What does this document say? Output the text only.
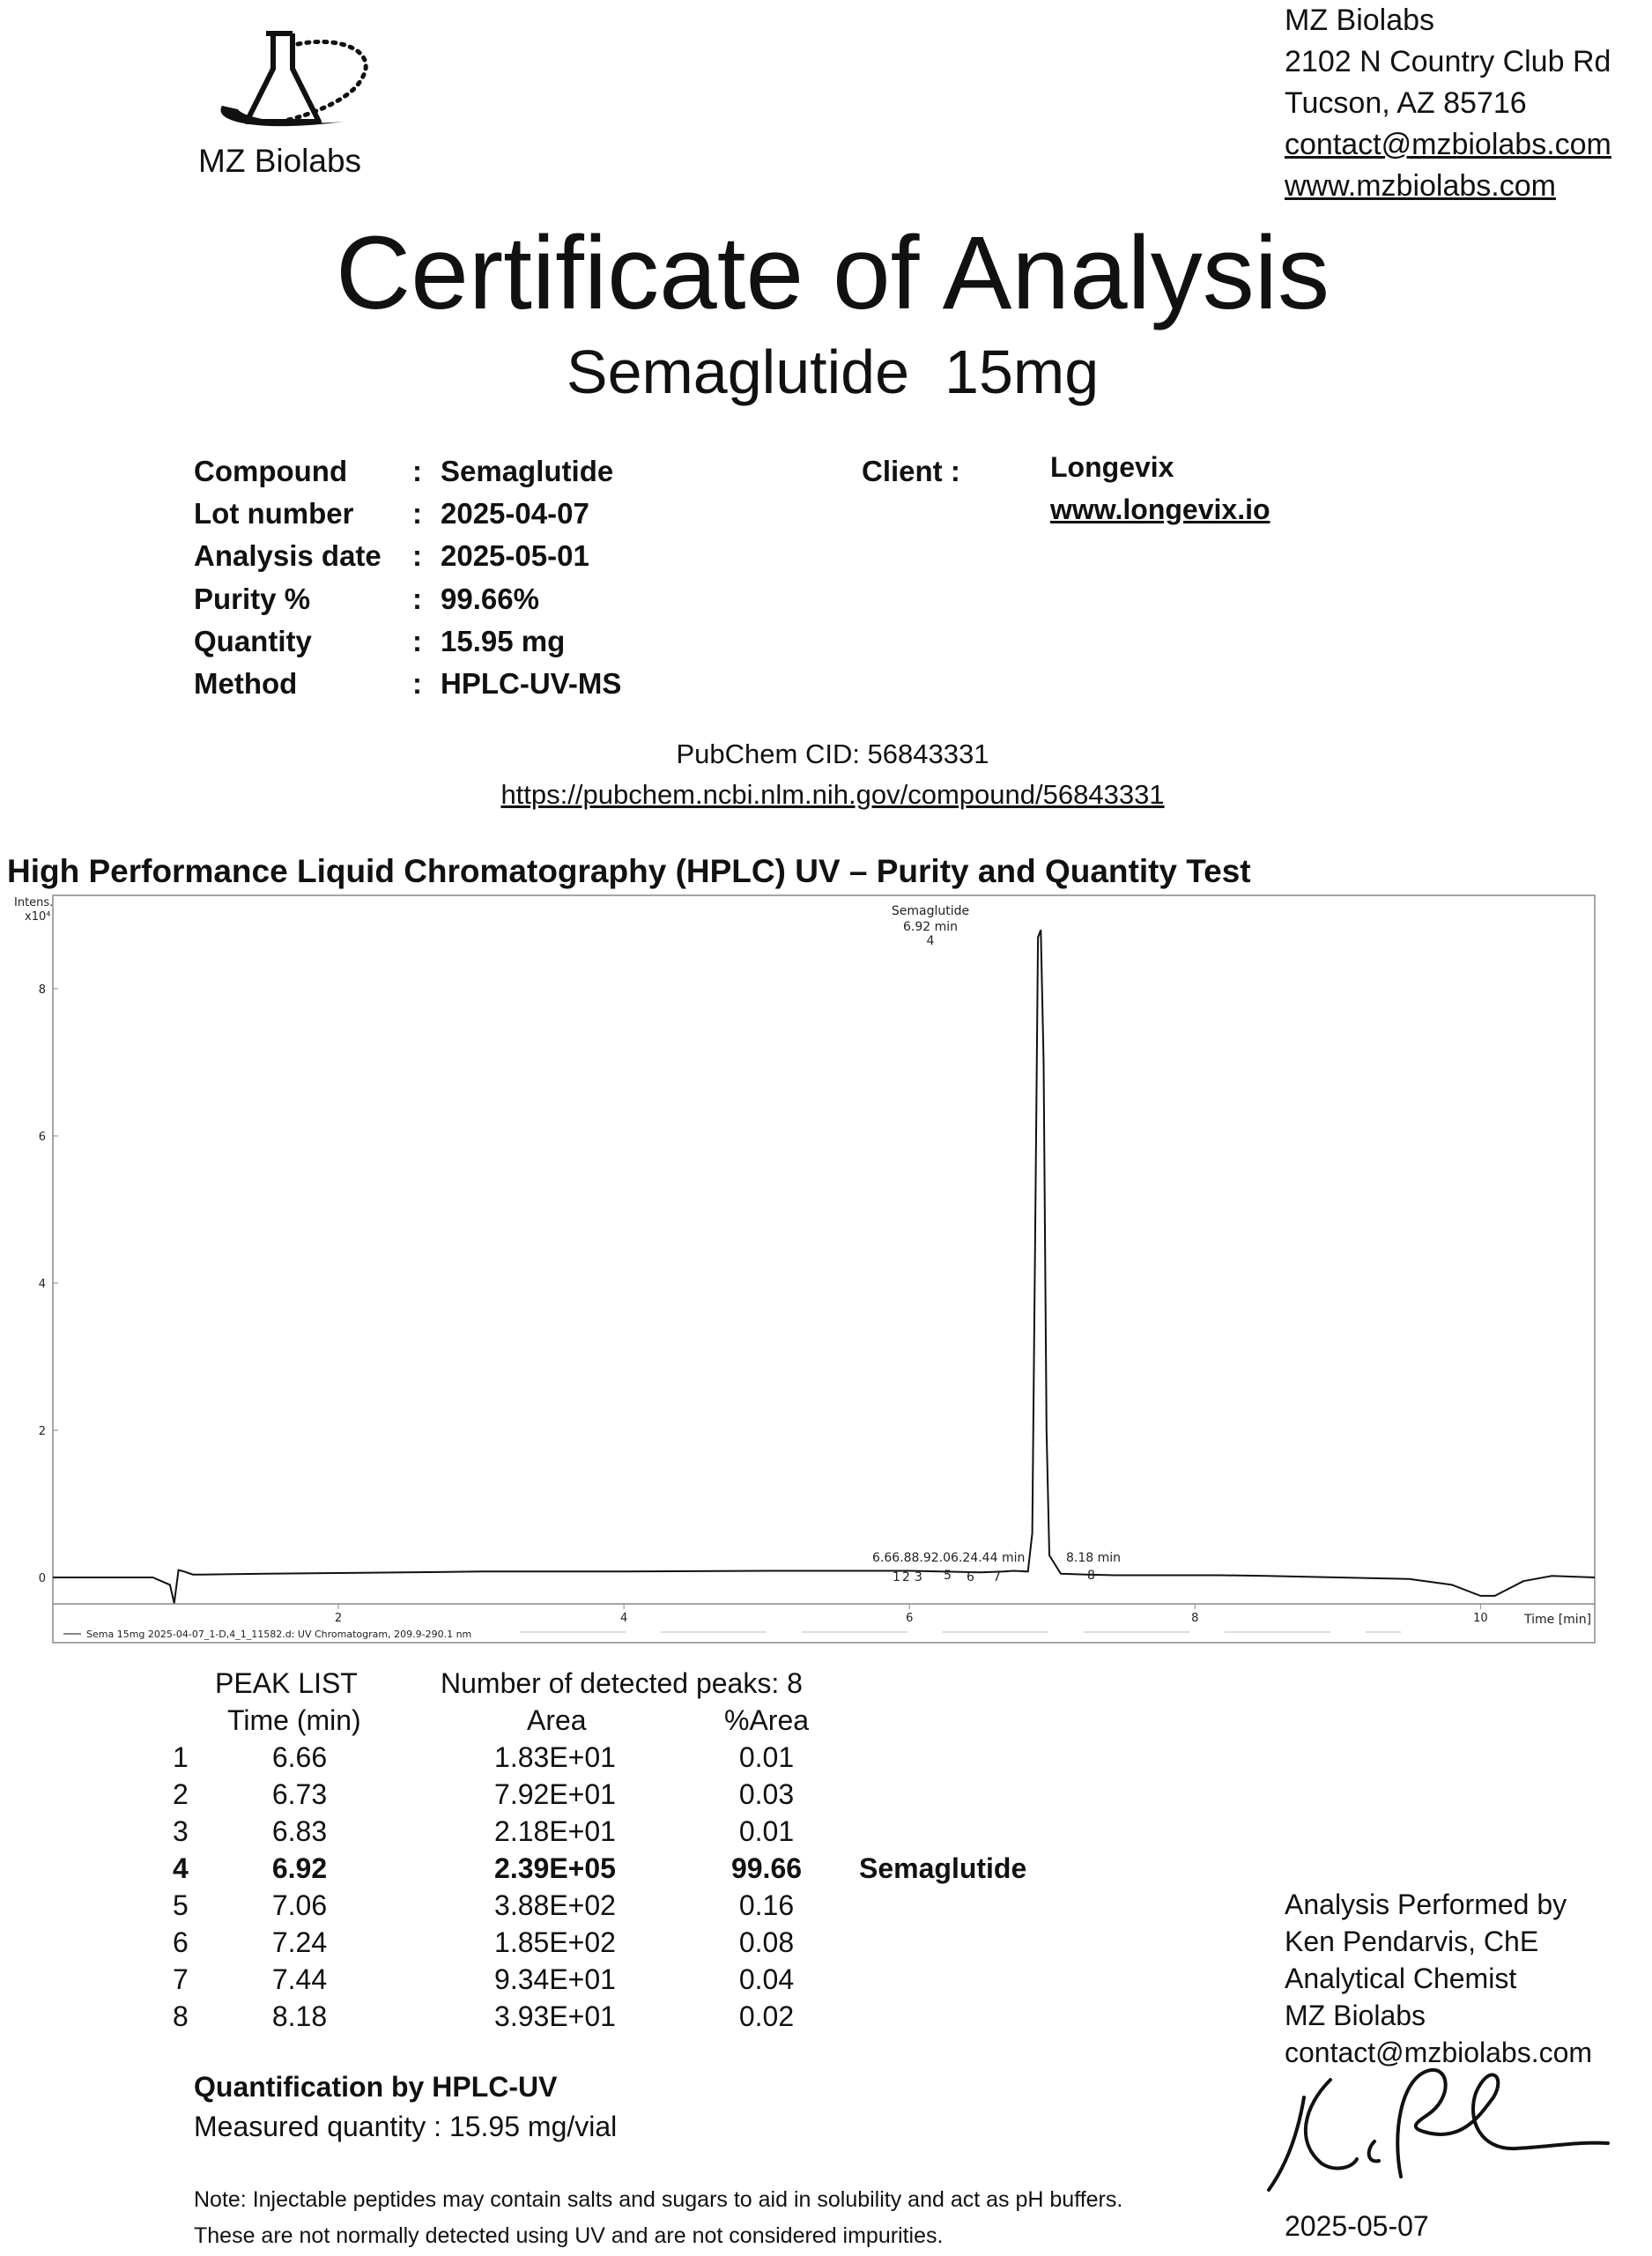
MZ Biolabs
MZ Biolabs
2102 N Country Club Rd
Tucson, AZ 85716
contact@mzbiolabs.com
www.mzbiolabs.com
Certificate of Analysis
Semaglutide 15mg
Compound : Semaglutide
Lot number : 2025-04-07
Analysis date : 2025-05-01
Purity %	: 99.66%
Quantity	: 15.95 mg
Method	: HPLC-UV-MS
Client :	Longevix
www.longevix.io
PubChem CID: 56843331
https://pubchem.ncbi.nlm.nih.gov/compound/56843331
High Performance Liquid Chromatography (HPLC) UV – Purity and Quantity Test
Intens.
x10⁴
Time [min]
0
2
4
6
8
2	4	6	8	10
Semaglutide
6.92 min
4
6.66.88.92.06.24.44 min
1 2 3 5 6 7
8.18 min
8
Sema 15mg 2025-04-07_1-D,4_1_11582.d: UV Chromatogram, 209.9-290.1 nm
PEAK LIST	Number of detected peaks: 8
Time (min)	Area	%Area
1	6.66	1.83E+01	0.01
2	6.73	7.92E+01	0.03
3	6.83	2.18E+01	0.01
4	6.92	2.39E+05	99.66	Semaglutide
5	7.06	3.88E+02	0.16
6	7.24	1.85E+02	0.08
7	7.44	9.34E+01	0.04
8	8.18	3.93E+01	0.02
Quantification by HPLC-UV
Measured quantity : 15.95 mg/vial
Note: Injectable peptides may contain salts and sugars to aid in solubility and act as pH buffers.
These are not normally detected using UV and are not considered impurities.
Analysis Performed by
Ken Pendarvis, ChE
Analytical Chemist
MZ Biolabs
contact@mzbiolabs.com
2025-05-07
